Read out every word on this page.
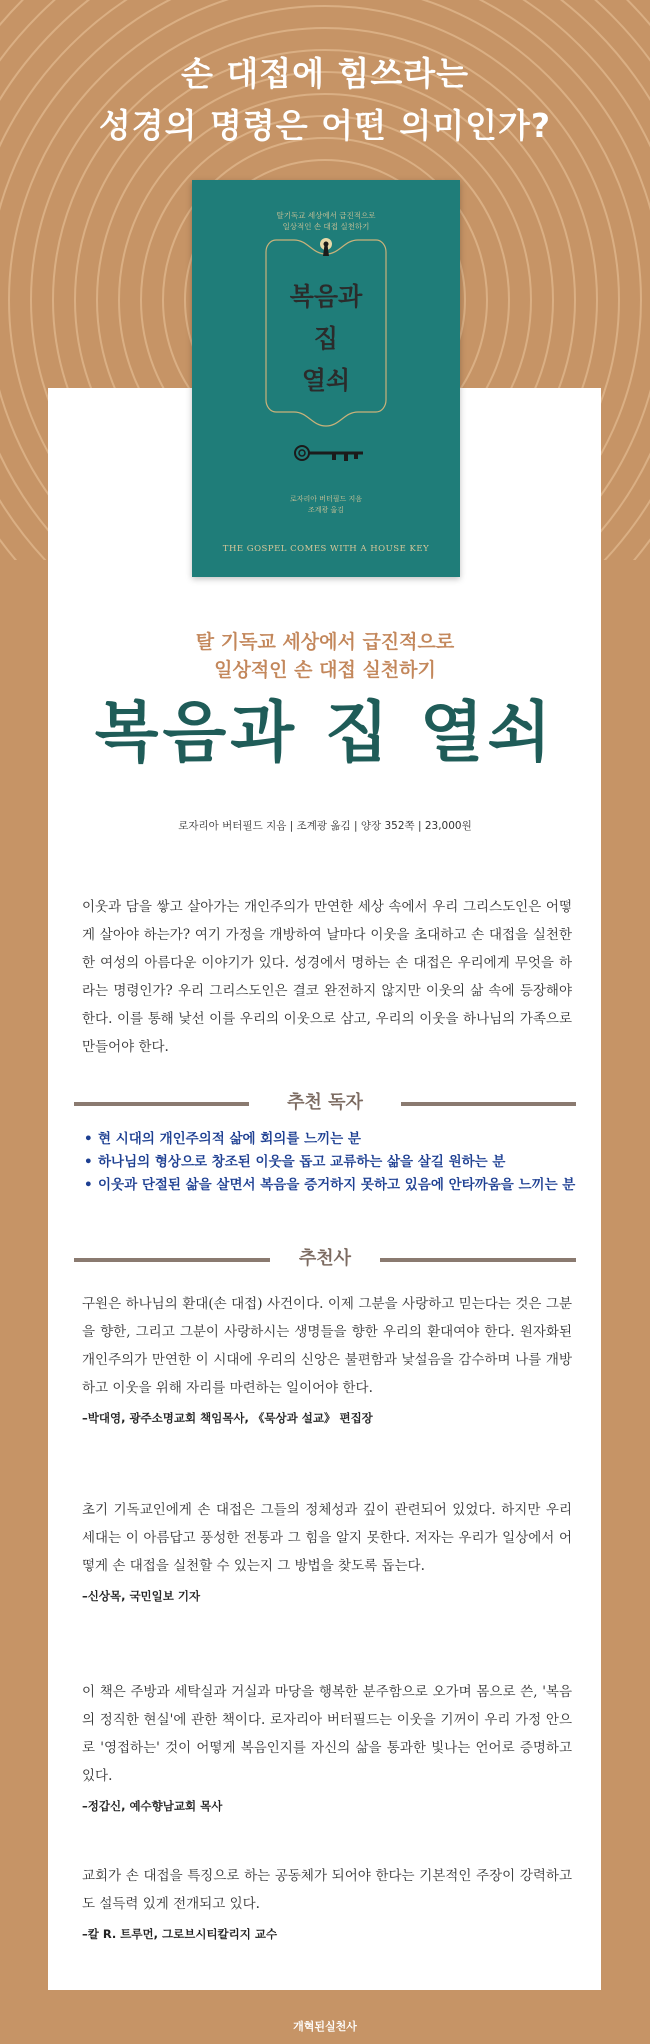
손 대접에 힘쓰라는
성경의 명령은 어떤 의미인가?
탈기독교 세상에서 급진적으로
일상적인 손 대접 실천하기
복음과
집
열쇠
로자리아 버터필드 지음
조계광 옮김
THE GOSPEL COMES WITH A HOUSE KEY
탈 기독교 세상에서 급진적으로
일상적인 손 대접 실천하기
복음과 집 열쇠
로자리아 버터필드 지음 | 조계광 옮김 | 양장 352쪽 | 23,000원
이웃과 담을 쌓고 살아가는 개인주의가 만연한 세상 속에서 우리 그리스도인은 어떻게 살아야 하는가? 여기 가정을 개방하여 날마다 이웃을 초대하고 손 대접을 실천한 한 여성의 아름다운 이야기가 있다. 성경에서 명하는 손 대접은 우리에게 무엇을 하라는 명령인가? 우리 그리스도인은 결코 완전하지 않지만 이웃의 삶 속에 등장해야 한다. 이를 통해 낯선 이를 우리의 이웃으로 삼고, 우리의 이웃을 하나님의 가족으로 만들어야 한다.
추천 독자
• 현 시대의 개인주의적 삶에 회의를 느끼는 분
• 하나님의 형상으로 창조된 이웃을 돕고 교류하는 삶을 살길 원하는 분
• 이웃과 단절된 삶을 살면서 복음을 증거하지 못하고 있음에 안타까움을 느끼는 분
추천사
구원은 하나님의 환대(손 대접) 사건이다. 이제 그분을 사랑하고 믿는다는 것은 그분을 향한, 그리고 그분이 사랑하시는 생명들을 향한 우리의 환대여야 한다. 원자화된 개인주의가 만연한 이 시대에 우리의 신앙은 불편함과 낯설음을 감수하며 나를 개방하고 이웃을 위해 자리를 마련하는 일이어야 한다.
–박대영, 광주소명교회 책임목사, 《묵상과 설교》 편집장
초기 기독교인에게 손 대접은 그들의 정체성과 깊이 관련되어 있었다. 하지만 우리 세대는 이 아름답고 풍성한 전통과 그 힘을 알지 못한다. 저자는 우리가 일상에서 어떻게 손 대접을 실천할 수 있는지 그 방법을 찾도록 돕는다.
–신상목, 국민일보 기자
이 책은 주방과 세탁실과 거실과 마당을 행복한 분주함으로 오가며 몸으로 쓴, '복음의 정직한 현실'에 관한 책이다. 로자리아 버터필드는 이웃을 기꺼이 우리 가정 안으로 '영접하는' 것이 어떻게 복음인지를 자신의 삶을 통과한 빛나는 언어로 증명하고 있다.
–정갑신, 예수향남교회 목사
교회가 손 대접을 특징으로 하는 공동체가 되어야 한다는 기본적인 주장이 강력하고도 설득력 있게 전개되고 있다.
–칼 R. 트루먼, 그로브시티칼리지 교수
개혁된실천사
